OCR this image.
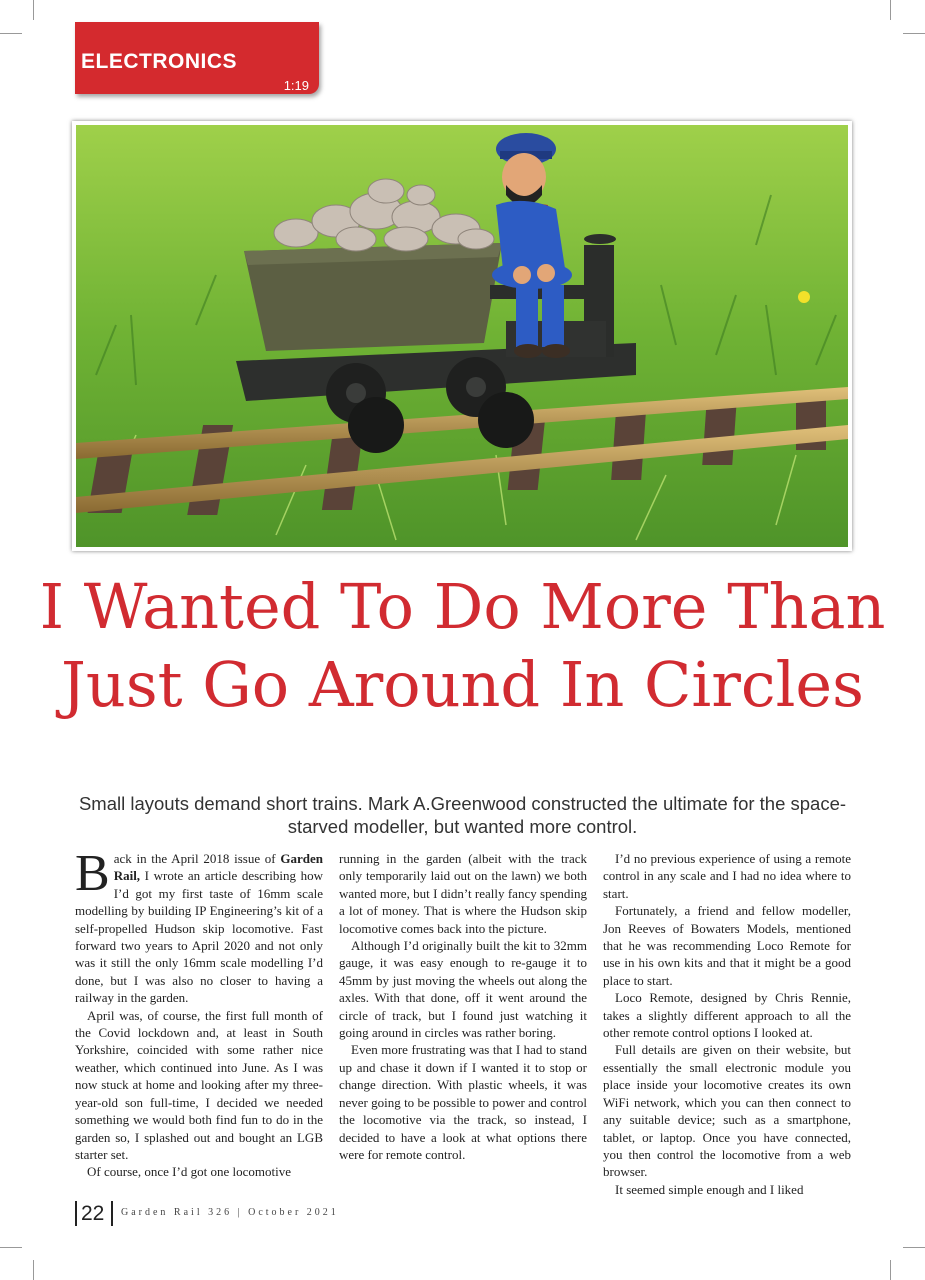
ELECTRONICS
1:19
I Wanted To Do More Than Just Go Around In Circles

Small layouts demand short trains. Mark A.Greenwood constructed the ultimate for the space-starved modeller, but wanted more control.

Back in the April 2018 issue of Garden Rail, I wrote an article describing how I’d got my first taste of 16mm scale modelling by building IP Engineering’s kit of a self-propelled Hudson skip locomotive. Fast forward two years to April 2020 and not only was it still the only 16mm scale modelling I’d done, but I was also no closer to having a railway in the garden.

April was, of course, the first full month of the Covid lockdown and, at least in South Yorkshire, coincided with some rather nice weather, which continued into June. As I was now stuck at home and looking after my three-year-old son full-time, I decided we needed something we would both find fun to do in the garden so, I splashed out and bought an LGB starter set.

Of course, once I’d got one locomotive

running in the garden (albeit with the track only temporarily laid out on the lawn) we both wanted more, but I didn’t really fancy spending a lot of money. That is where the Hudson skip locomotive comes back into the picture.

Although I’d originally built the kit to 32mm gauge, it was easy enough to re-gauge it to 45mm by just moving the wheels out along the axles. With that done, off it went around the circle of track, but I found just watching it going around in circles was rather boring.

Even more frustrating was that I had to stand up and chase it down if I wanted it to stop or change direction. With plastic wheels, it was never going to be possible to power and control the locomotive via the track, so instead, I decided to have a look at what options there were for remote control.

I’d no previous experience of using a remote control in any scale and I had no idea where to start.

Fortunately, a friend and fellow modeller, Jon Reeves of Bowaters Models, mentioned that he was recommending Loco Remote for use in his own kits and that it might be a good place to start.

Loco Remote, designed by Chris Rennie, takes a slightly different approach to all the other remote control options I looked at.

Full details are given on their website, but essentially the small electronic module you place inside your locomotive creates its own WiFi network, which you can then connect to any suitable device; such as a smartphone, tablet, or laptop. Once you have connected, you then control the locomotive from a web browser.

It seemed simple enough and I liked

22 Garden Rail 326 | October 2021
